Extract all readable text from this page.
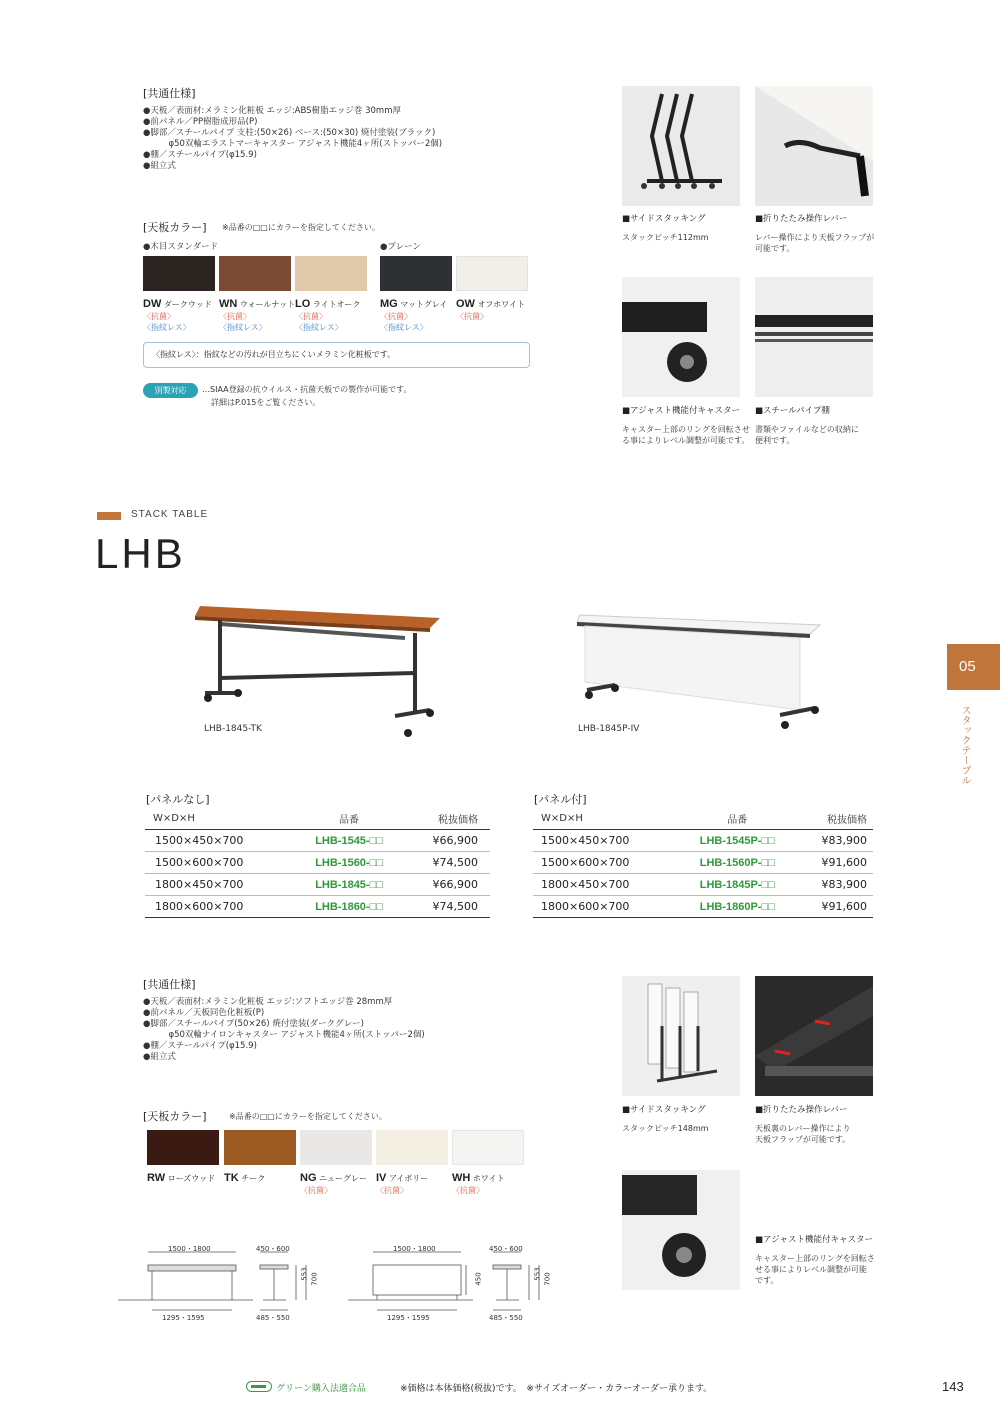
[共通仕様]
●天板／表面材:メラミン化粧板 エッジ:ABS樹脂エッジ巻 30mm厚
●前パネル／PP樹脂成形品(P)
●脚部／スチールパイプ 支柱:(50×26) ベース:(50×30) 焼付塗装(ブラック)
　　　φ50双輪エラストマーキャスター アジャスト機能4ヶ所(ストッパー2個)
●棚／スチールパイプ(φ15.9)
●組立式
[天板カラー] ※品番の□□にカラーを指定してください。
●木目スタンダード	●プレーン
DW ダークウッド
〈抗菌〉
〈指紋レス〉
WN ウォールナット
〈抗菌〉
〈指紋レス〉
LO ライトオーク
〈抗菌〉
〈指紋レス〉
MG マットグレイ
〈抗菌〉
〈指紋レス〉
OW オフホワイト
〈抗菌〉
〈指紋レス〉：指紋などの汚れが目立ちにくいメラミン化粧板です。
別製対応	…SIAA登録の抗ウイルス・抗菌天板での製作が可能です。
詳細はP.015をご覧ください。
■サイドスタッキング
スタックピッチ112mm
■折りたたみ操作レバー
レバー操作により天板フラップが
可能です。
■アジャスト機能付キャスター
キャスター上部のリングを回転させ
る事によりレベル調整が可能です。
■スチールパイプ棚
書類やファイルなどの収納に
便利です。
STACK TABLE
LHB
LHB-1845-TK	LHB-1845P-IV
[パネルなし]
W×D×H	品番	税抜価格
1500×450×700	LHB-1545-□□	¥66,900
1500×600×700	LHB-1560-□□	¥74,500
1800×450×700	LHB-1845-□□	¥66,900
1800×600×700	LHB-1860-□□	¥74,500
[パネル付]
W×D×H	品番	税抜価格
1500×450×700	LHB-1545P-□□	¥83,900
1500×600×700	LHB-1560P-□□	¥91,600
1800×450×700	LHB-1845P-□□	¥83,900
1800×600×700	LHB-1860P-□□	¥91,600
[共通仕様]
●天板／表面材:メラミン化粧板 エッジ:ソフトエッジ巻 28mm厚
●前パネル／天板同色化粧板(P)
●脚部／スチールパイプ(50×26) 焼付塗装(ダークグレー)
　　　φ50双輪ナイロンキャスター アジャスト機能4ヶ所(ストッパー2個)
●棚／スチールパイプ(φ15.9)
●組立式
[天板カラー]	※品番の□□にカラーを指定してください。
RW ローズウッド TK チーク	NG ニューグレー
〈抗菌〉
IV アイボリー
〈抗菌〉
WH ホワイト
〈抗菌〉
1500・1800
1295・1595
450・600
485・550
553 700
1500・1800
1295・1595
450・600
485・550
450	553 700
■サイドスタッキング
スタックピッチ148mm
■折りたたみ操作レバー
天板裏のレバー操作により
天板フラップが可能です。
■アジャスト機能付キャスター
キャスター上部のリングを回転さ
せる事によりレベル調整が可能
です。
05
スタックテーブル
グリーン購入法適合品	※価格は本体価格(税抜)です。　※サイズオーダー・カラーオーダー承ります。	143
